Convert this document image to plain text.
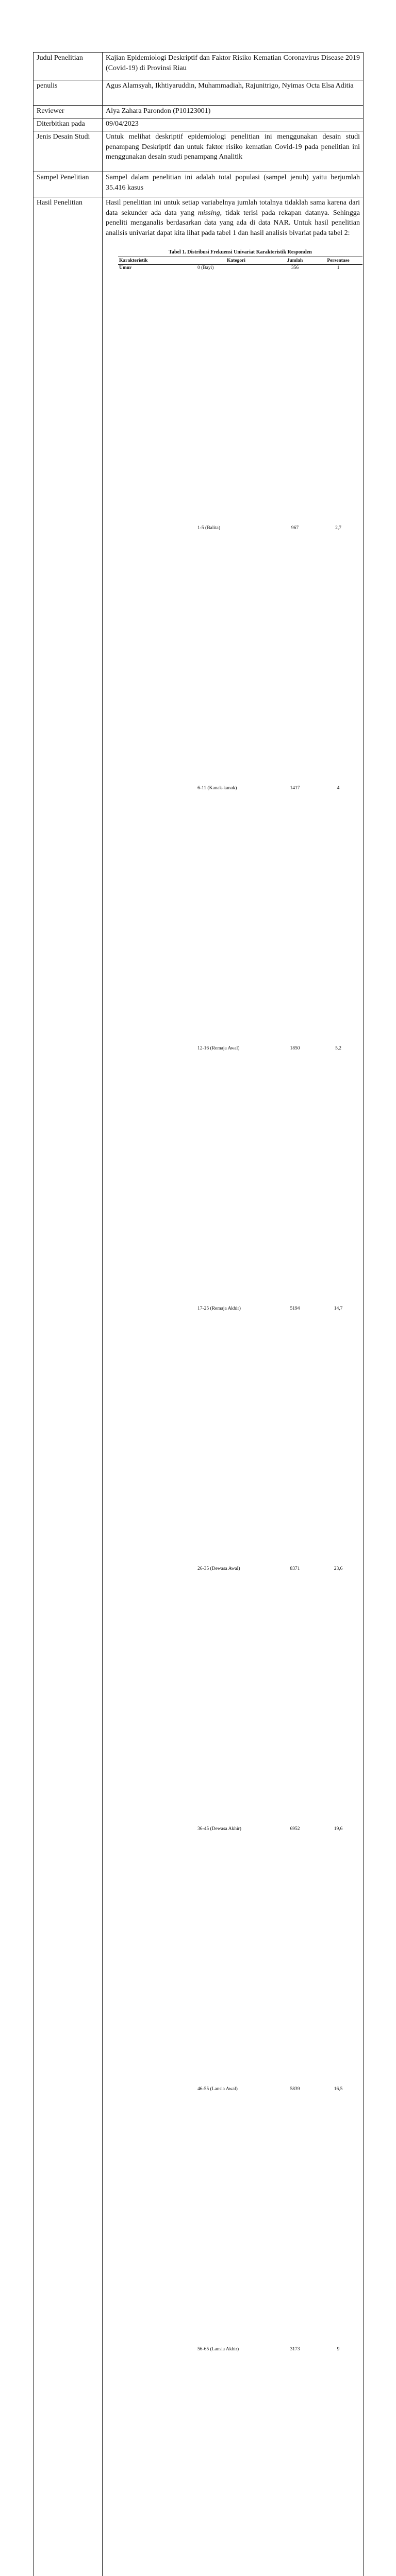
Judul Penelitian	Kajian Epidemiologi Deskriptif dan Faktor Risiko Kematian Coronavirus Disease 2019 (Covid-19) di Provinsi Riau
penulis	Agus Alamsyah, Ikhtiyaruddin, Muhammadiah, Rajunitrigo, Nyimas Octa Elsa Aditia
Reviewer	Alya Zahara Parondon (P10123001)
Diterbitkan pada	09/04/2023
Jenis Desain Studi	Untuk melihat deskriptif epidemiologi penelitian ini menggunakan desain studi penampang Deskriptif dan untuk faktor risiko kematian Covid-19 pada penelitian ini menggunakan desain studi penampang Analitik
Sampel Penelitian	Sampel dalam penelitian ini adalah total populasi (sampel jenuh) yaitu berjumlah 35.416 kasus
Hasil Penelitian	Hasil penelitian ini untuk setiap variabelnya jumlah totalnya tidaklah sama karena dari data sekunder ada data yang missing, tidak terisi pada rekapan datanya. Sehingga peneliti menganalis berdasarkan data yang ada di data NAR. Untuk hasil penelitian analisis univariat dapat kita lihat pada tabel 1 dan hasil analisis bivariat pada tabel 2:

Tabel 1. Distribusi Frekuensi Univariat Karakteristik Responden
Karakteristik	Kategori	Jumlah	Persentase
Umur	0 (Bayi)	356	1
	1-5 (Balita)	967	2,7
	6-11 (Kanak-kanak)	1417	4
	12-16 (Remaja Awal)	1850	5,2
	17-25 (Remaja Akhir)	5194	14,7
	26-35 (Dewasa Awal)	8371	23,6
	36-45 (Dewasa Akhir)	6952	19,6
	46-55 (Lansia Awal)	5839	16,5
	56-65 (Lansia Akhir)	3173	9
